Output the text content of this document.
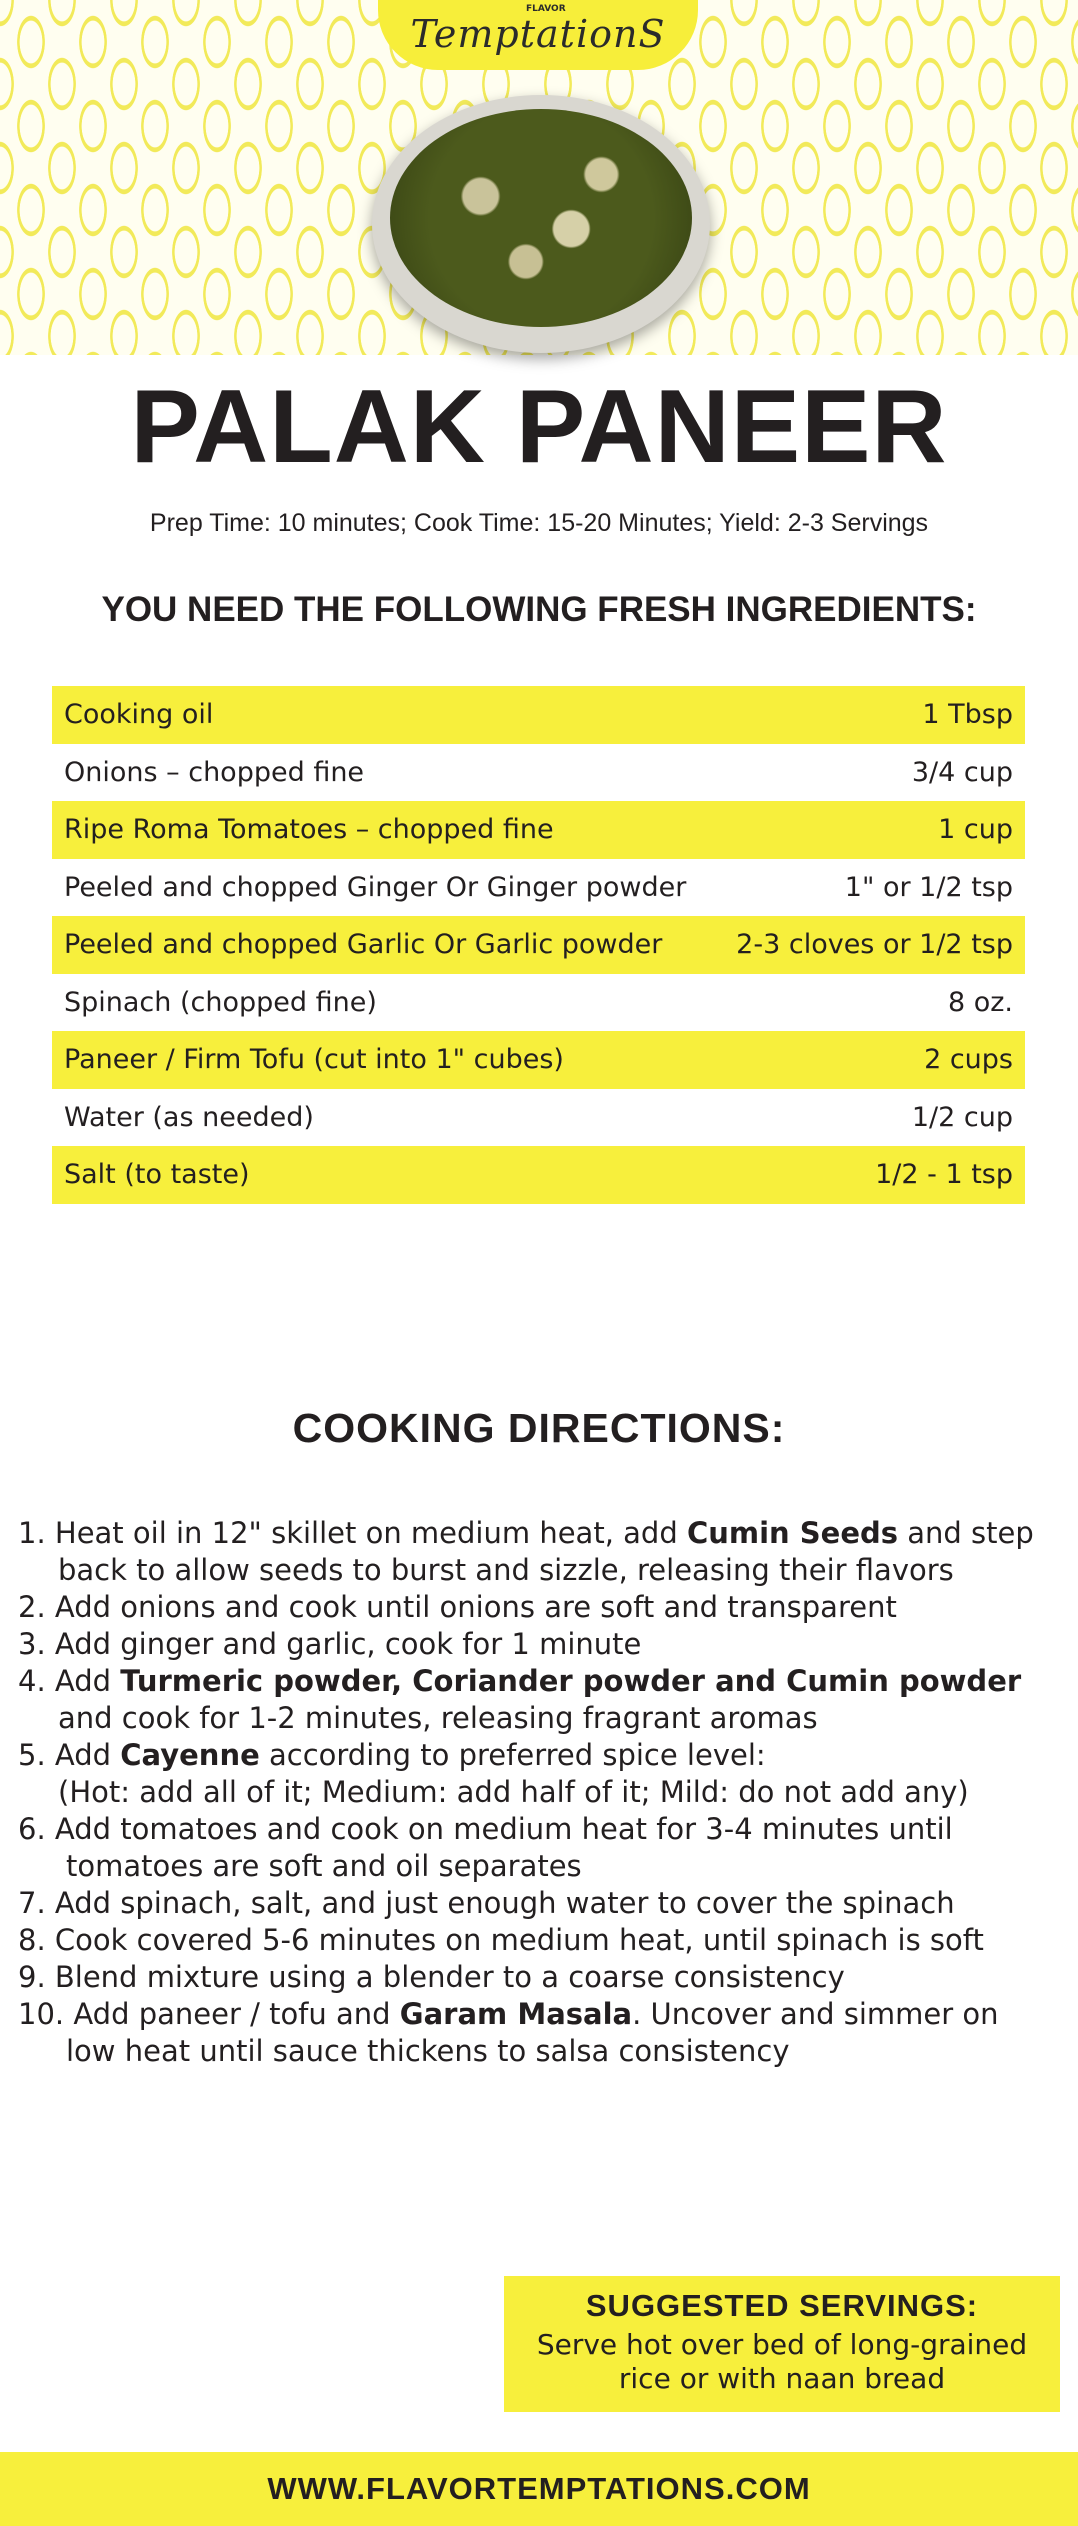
FLAVOR
TemptationS
PALAK PANEER
Prep Time: 10 minutes; Cook Time: 15-20 Minutes; Yield: 2-3 Servings
YOU NEED THE FOLLOWING FRESH INGREDIENTS:
Cooking oil	1 Tbsp
Onions – chopped fine	3/4 cup
Ripe Roma Tomatoes – chopped fine	1 cup
Peeled and chopped Ginger Or Ginger powder	1" or 1/2 tsp
Peeled and chopped Garlic Or Garlic powder	2-3 cloves or 1/2 tsp
Spinach (chopped fine)	8 oz.
Paneer / Firm Tofu (cut into 1" cubes)	2 cups
Water (as needed)	1/2 cup
Salt (to taste)	1/2 - 1 tsp
COOKING DIRECTIONS:
1. Heat oil in 12" skillet on medium heat, add Cumin Seeds and step
back to allow seeds to burst and sizzle, releasing their flavors
2. Add onions and cook until onions are soft and transparent
3. Add ginger and garlic, cook for 1 minute
4. Add Turmeric powder, Coriander powder and Cumin powder
and cook for 1-2 minutes, releasing fragrant aromas
5. Add Cayenne according to preferred spice level:
(Hot: add all of it; Medium: add half of it; Mild: do not add any)
6. Add tomatoes and cook on medium heat for 3-4 minutes until
tomatoes are soft and oil separates
7. Add spinach, salt, and just enough water to cover the spinach
8. Cook covered 5-6 minutes on medium heat, until spinach is soft
9. Blend mixture using a blender to a coarse consistency
10. Add paneer / tofu and Garam Masala. Uncover and simmer on
low heat until sauce thickens to salsa consistency
SUGGESTED SERVINGS:
Serve hot over bed of long-grained
rice or with naan bread
WWW.FLAVORTEMPTATIONS.COM
